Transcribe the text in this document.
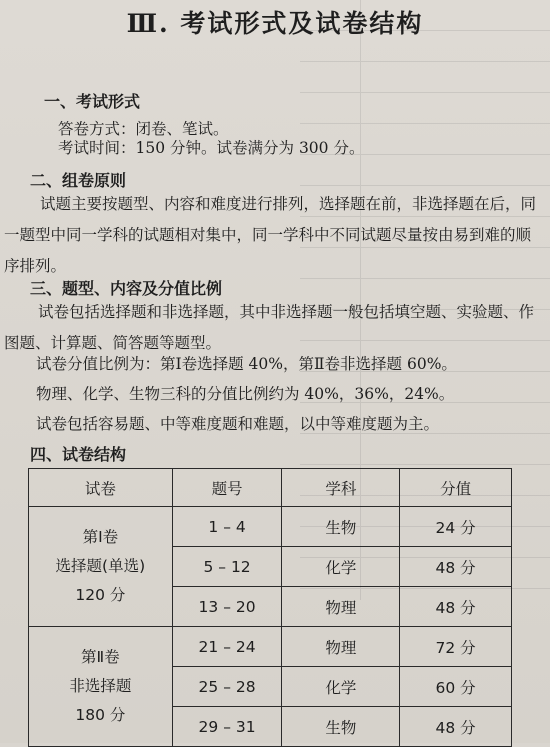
Ⅲ. 考试形式及试卷结构
一、考试形式
答卷方式：闭卷、笔试。
考试时间：150 分钟。试卷满分为 300 分。
二、组卷原则
试题主要按题型、内容和难度进行排列，选择题在前，非选择题在后，同一题型中同一学科的试题相对集中，同一学科中不同试题尽量按由易到难的顺序排列。
三、题型、内容及分值比例
试卷包括选择题和非选择题，其中非选择题一般包括填空题、实验题、作图题、计算题、简答题等题型。
试卷分值比例为：第Ⅰ卷选择题 40%，第Ⅱ卷非选择题 60%。
物理、化学、生物三科的分值比例约为 40%，36%，24%。
试卷包括容易题、中等难度题和难题，以中等难度题为主。
四、试卷结构
试卷	题号	学科	分值

第Ⅰ卷
选择题(单选)
120 分	1 – 4	生物	24 分
	5 – 12	化学	48 分
	13 – 20	物理	48 分

第Ⅱ卷
非选择题
180 分	21 – 24	物理	72 分
	25 – 28	化学	60 分
	29 – 31	生物	48 分
